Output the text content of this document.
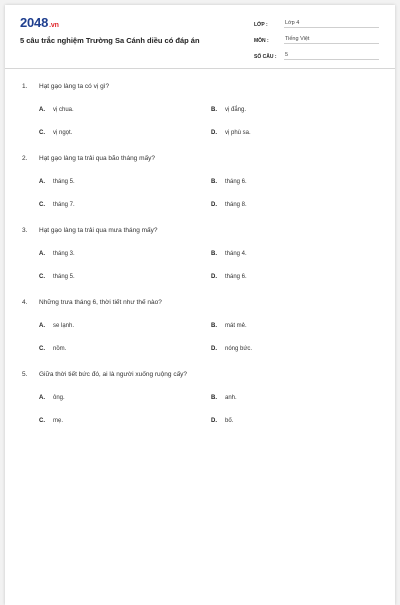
2048.vn
5 câu trắc nghiệm Trường Sa Cánh diều có đáp án
LỚP :	Lớp 4
MÔN :	Tiếng Việt
SỐ CÂU :	5
1. Hạt gạo làng ta có vị gì?
A. vị chua.	B. vị đắng.
C. vị ngọt.	D. vị phù sa.
2. Hạt gạo làng ta trải qua bão tháng mấy?
A. tháng 5.	B. tháng 6.
C. tháng 7.	D. tháng 8.
3. Hạt gạo làng ta trải qua mưa tháng mấy?
A. tháng 3.	B. tháng 4.
C. tháng 5.	D. tháng 6.
4. Những trưa tháng 6, thời tiết như thế nào?
A. se lạnh.	B. mát mẻ.
C. nồm.	D. nóng bức.
5. Giữa thời tiết bức đó, ai là người xuống ruộng cấy?
A. ông.	B. anh.
C. mẹ.	D. bố.
